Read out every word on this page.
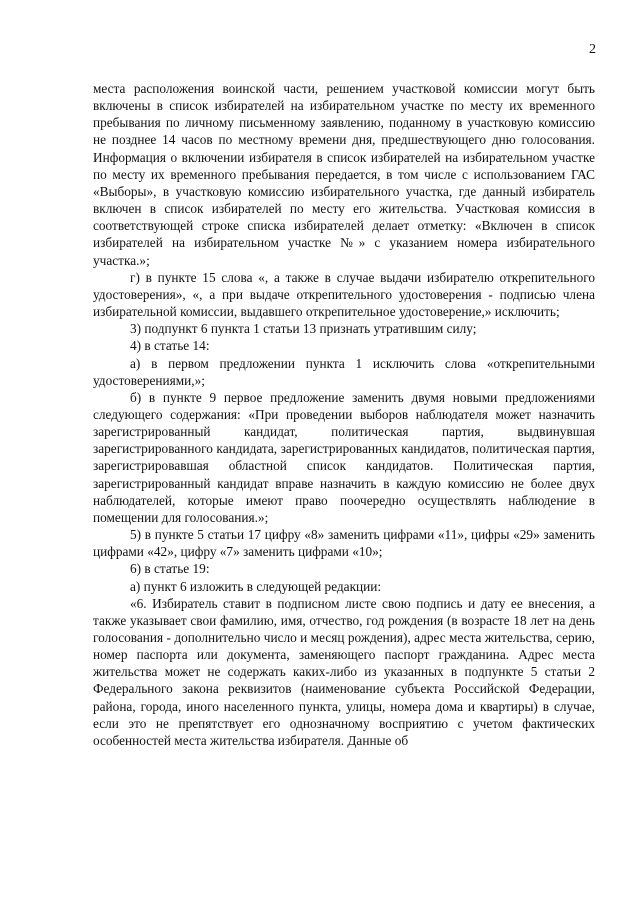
2

места расположения воинской части, решением участковой комиссии могут быть включены в список избирателей на избирательном участке по месту их временного пребывания по личному письменному заявлению, поданному в участковую комиссию не позднее 14 часов по местному времени дня, предшествующего дню голосования. Информация о включении избирателя в список избирателей на избирательном участке по месту их временного пребывания передается, в том числе с использованием ГАС «Выборы», в участковую комиссию избирательного участка, где данный избиратель включен в список избирателей по месту его жительства. Участковая комиссия в соответствующей строке списка избирателей делает отметку: «Включен в список избирателей на избирательном участке №» с указанием номера избирательного участка.»;

г) в пункте 15 слова «, а также в случае выдачи избирателю открепительного удостоверения», «, а при выдаче открепительного удостоверения - подписью члена избирательной комиссии, выдавшего открепительное удостоверение,» исключить;

3) подпункт 6 пункта 1 статьи 13 признать утратившим силу;

4) в статье 14:

а) в первом предложении пункта 1 исключить слова «открепительными удостоверениями,»;

б) в пункте 9 первое предложение заменить двумя новыми предложениями следующего содержания: «При проведении выборов наблюдателя может назначить зарегистрированный кандидат, политическая партия, выдвинувшая зарегистрированного кандидата, зарегистрированных кандидатов, политическая партия, зарегистрировавшая областной список кандидатов. Политическая партия, зарегистрированный кандидат вправе назначить в каждую комиссию не более двух наблюдателей, которые имеют право поочередно осуществлять наблюдение в помещении для голосования.»;

5) в пункте 5 статьи 17 цифру «8» заменить цифрами «11», цифры «29» заменить цифрами «42», цифру «7» заменить цифрами «10»;

6) в статье 19:

а) пункт 6 изложить в следующей редакции:

«6. Избиратель ставит в подписном листе свою подпись и дату ее внесения, а также указывает свои фамилию, имя, отчество, год рождения (в возрасте 18 лет на день голосования - дополнительно число и месяц рождения), адрес места жительства, серию, номер паспорта или документа, заменяющего паспорт гражданина. Адрес места жительства может не содержать каких-либо из указанных в подпункте 5 статьи 2 Федерального закона реквизитов (наименование субъекта Российской Федерации, района, города, иного населенного пункта, улицы, номера дома и квартиры) в случае, если это не препятствует его однозначному восприятию с учетом фактических особенностей места жительства избирателя. Данные об
